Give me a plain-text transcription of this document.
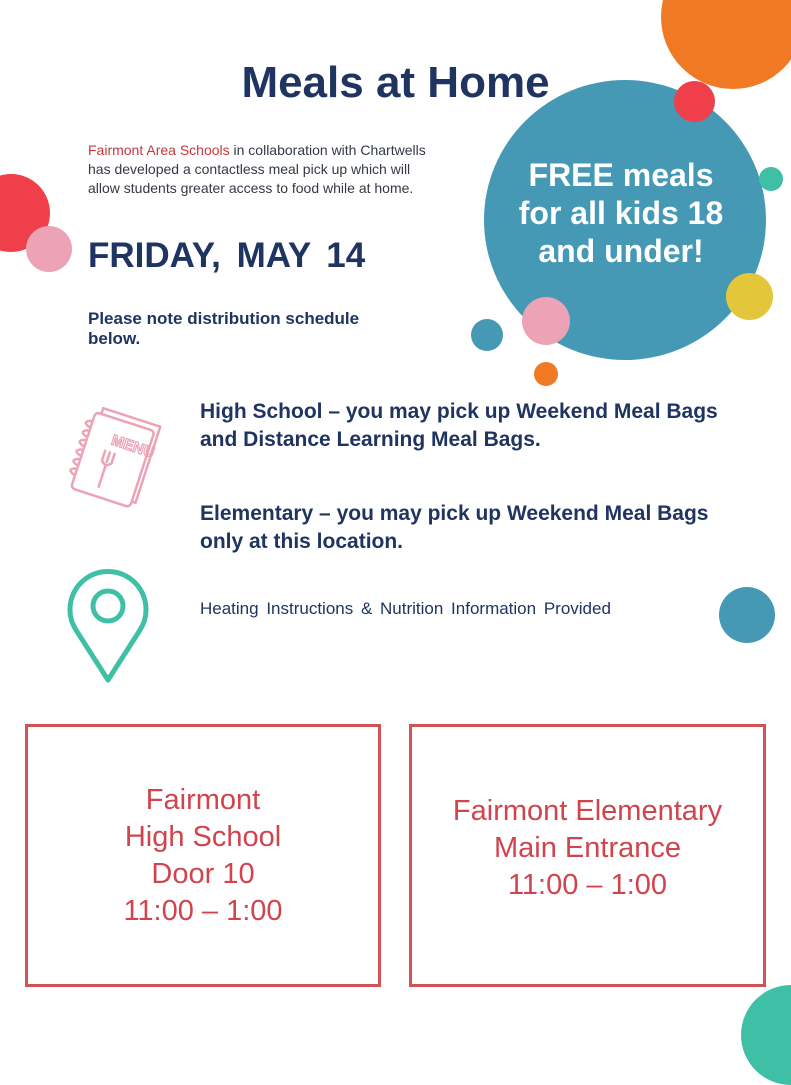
Meals at Home
Fairmont Area Schools in collaboration with Chartwells has developed a contactless meal pick up which will allow students greater access to food while at home.
FRIDAY, MAY 14
Please note distribution schedule below.
FREE meals
for all kids 18
and under!
MENU
High School – you may pick up Weekend Meal Bags and Distance Learning Meal Bags.
Elementary – you may pick up Weekend Meal Bags only at this location.
Heating Instructions & Nutrition Information Provided
Fairmont
High School
Door 10
11:00 – 1:00
Fairmont Elementary
Main Entrance
11:00 – 1:00
